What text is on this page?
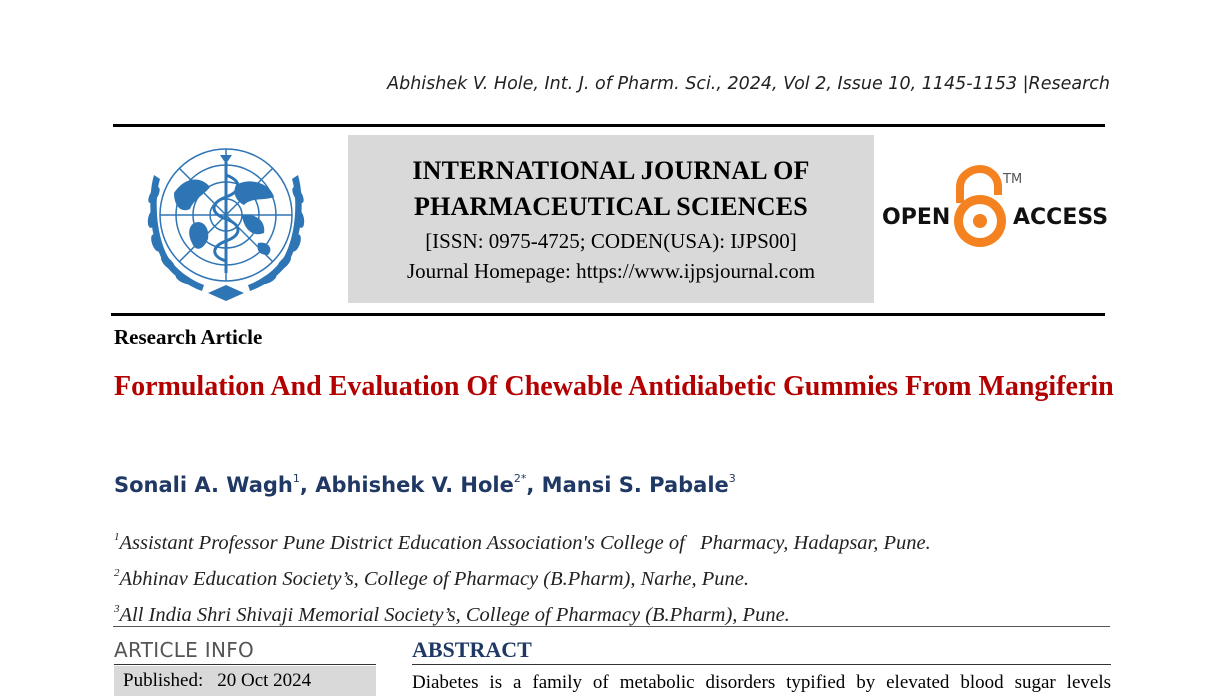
Abhishek V. Hole, Int. J. of Pharm. Sci., 2024, Vol 2, Issue 10, 1145-1153 |Research
INTERNATIONAL JOURNAL OF
PHARMACEUTICAL SCIENCES
[ISSN: 0975-4725; CODEN(USA): IJPS00]
Journal Homepage: https://www.ijpsjournal.com
OPEN
TM
ACCESS
Research Article
Formulation And Evaluation Of Chewable Antidiabetic Gummies From Mangiferin
Sonali A. Wagh$^1$, Abhishek V. Hole$^{2*}$, Mansi S. Pabale$^3$
$^1$Assistant Professor Pune District Education Association's College of   Pharmacy, Hadapsar, Pune.
$^2$Abhinav Education Society’s, College of Pharmacy (B.Pharm), Narhe, Pune.
$^3$All India Shri Shivaji Memorial Society’s, College of Pharmacy (B.Pharm), Pune.
ARTICLE INFO
Published: 20 Oct 2024
ABSTRACT
Diabetes is a family of metabolic disorders typified by elevated blood sugar levels
